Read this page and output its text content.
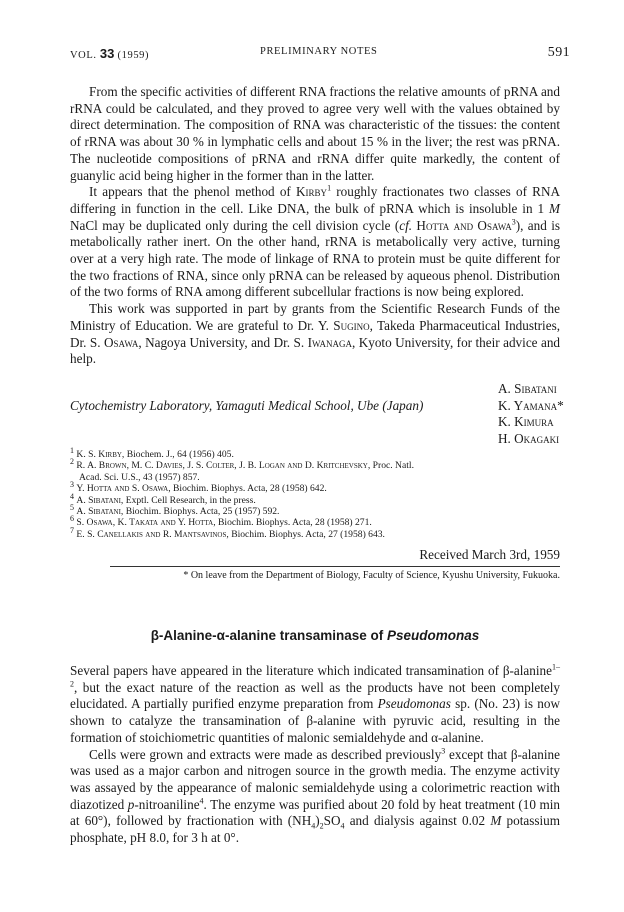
VOL. 33 (1959)	PRELIMINARY NOTES	591

From the specific activities of different RNA fractions the relative amounts of pRNA and rRNA could be calculated, and they proved to agree very well with the values obtained by direct determination. The composition of RNA was characteristic of the tissues: the content of rRNA was about 30 % in lymphatic cells and about 15 % in the liver; the rest was pRNA. The nucleotide compositions of pRNA and rRNA differ quite markedly, the content of guanylic acid being higher in the former than in the latter.

It appears that the phenol method of Kirby$^1$ roughly fractionates two classes of RNA differing in function in the cell. Like DNA, the bulk of pRNA which is insoluble in 1 M NaCl may be duplicated only during the cell division cycle (cf. Hotta and Osawa$^3$), and is metabolically rather inert. On the other hand, rRNA is metabolically very active, turning over at a very high rate. The mode of linkage of RNA to protein must be quite different for the two fractions of RNA, since only pRNA can be released by aqueous phenol. Distribution of the two forms of RNA among different subcellular fractions is now being explored.

This work was supported in part by grants from the Scientific Research Funds of the Ministry of Education. We are grateful to Dr. Y. Sugino, Takeda Pharmaceutical Industries, Dr. S. Osawa, Nagoya University, and Dr. S. Iwanaga, Kyoto University, for their advice and help.

Cytochemistry Laboratory, Yamaguti Medical School, Ube (Japan)
A. Sibatani
K. Yamana*
K. Kimura
H. Okagaki
$^1$ K. S. Kirby, Biochem. J., 64 (1956) 405.
$^2$ R. A. Brown, M. C. Davies, J. S. Colter, J. B. Logan and D. Kritchevsky, Proc. Natl.
Acad. Sci. U.S., 43 (1957) 857.
$^3$ Y. Hotta and S. Osawa, Biochim. Biophys. Acta, 28 (1958) 642.
$^4$ A. Sibatani, Exptl. Cell Research, in the press.
$^5$ A. Sibatani, Biochim. Biophys. Acta, 25 (1957) 592.
$^6$ S. Osawa, K. Takata and Y. Hotta, Biochim. Biophys. Acta, 28 (1958) 271.
$^7$ E. S. Canellakis and R. Mantsavinos, Biochim. Biophys. Acta, 27 (1958) 643.
Received March 3rd, 1959
* On leave from the Department of Biology, Faculty of Science, Kyushu University, Fukuoka.
β-Alanine-α-alanine transaminase of Pseudomonas

Several papers have appeared in the literature which indicated transamination of β-alanine$^{1-2}$, but the exact nature of the reaction as well as the products have not been completely elucidated. A partially purified enzyme preparation from Pseudomonas sp. (No. 23) is now shown to catalyze the transamination of β-alanine with pyruvic acid, resulting in the formation of stoichiometric quantities of malonic semialdehyde and α-alanine.

Cells were grown and extracts were made as described previously$^3$ except that β-alanine was used as a major carbon and nitrogen source in the growth media. The enzyme activity was assayed by the appearance of malonic semialdehyde using a colorimetric reaction with diazotized p-nitroaniline$^4$. The enzyme was purified about 20 fold by heat treatment (10 min at 60°), followed by fractionation with $(NH_4)_2SO_4$ and dialysis against 0.02 M potassium phosphate, pH 8.0, for 3 h at 0°.
